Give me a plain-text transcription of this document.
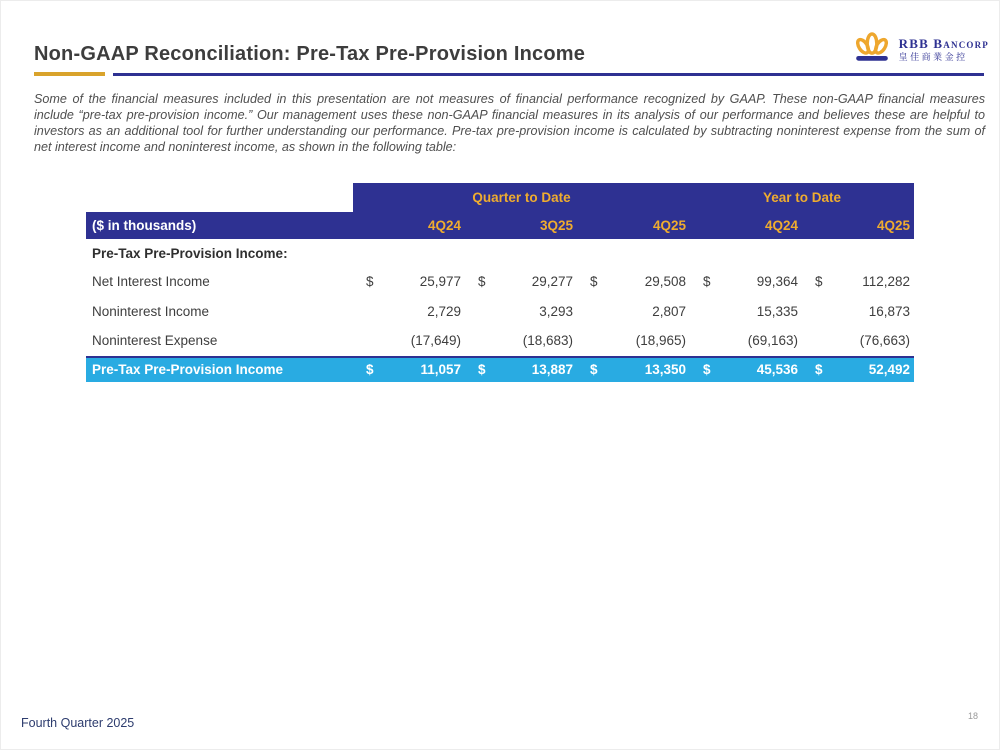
Non-GAAP Reconciliation: Pre-Tax Pre-Provision Income	RBB Bancorp
皇佳商業金控

Some of the financial measures included in this presentation are not measures of financial performance recognized by GAAP. These non-GAAP financial measures include “pre-tax pre-provision income.” Our management uses these non-GAAP financial measures in its analysis of our performance and believes these are helpful to investors as an additional tool for further understanding our performance. Pre-tax pre-provision income is calculated by subtracting noninterest expense from the sum of net interest income and noninterest income, as shown in the following table:

Quarter to Date	Year to Date
($ in thousands)	4Q24	3Q25	4Q25	4Q24	4Q25
Pre-Tax Pre-Provision Income:
Net Interest Income	$	25,977 $	29,277 $	29,508 $	99,364 $	112,282
Noninterest Income	2,729	3,293	2,807	15,335	16,873
Noninterest Expense	(17,649)	(18,683)	(18,965)	(69,163)	(76,663)
Pre-Tax Pre-Provision Income	$	11,057 $	13,887 $	13,350 $	45,536 $	52,492
Fourth Quarter 2025	18
